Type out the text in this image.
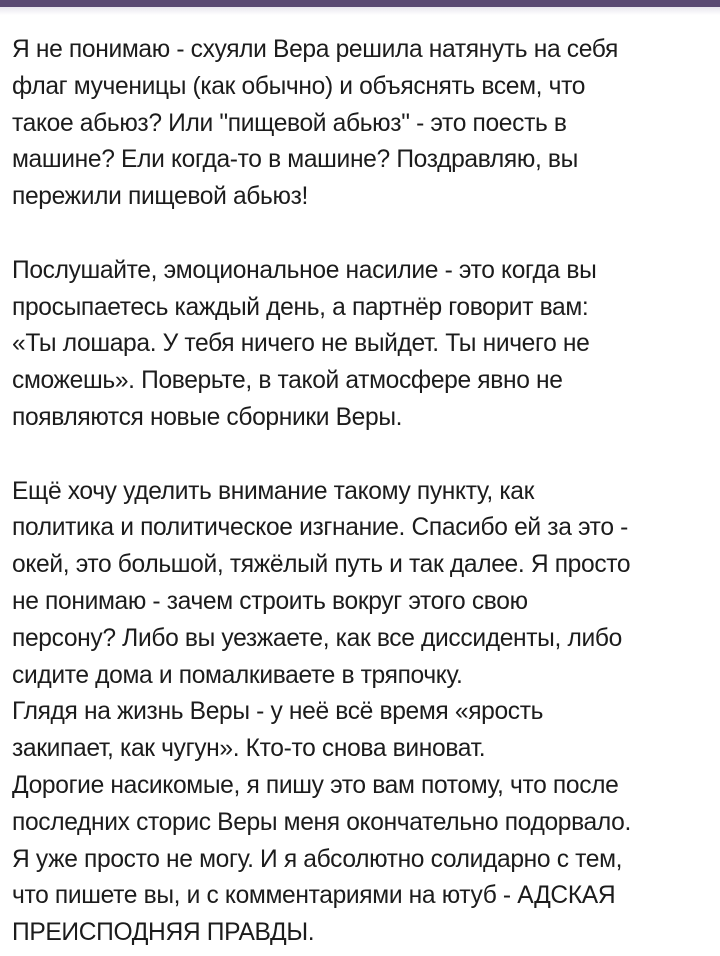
Я не понимаю - схуяли Вера решила натянуть на себя
флаг мученицы (как обычно) и объяснять всем, что
такое абьюз? Или "пищевой абьюз" - это поесть в
машине? Ели когда-то в машине? Поздравляю, вы
пережили пищевой абьюз!
Послушайте, эмоциональное насилие - это когда вы
просыпаетесь каждый день, а партнёр говорит вам:
«Ты лошара. У тебя ничего не выйдет. Ты ничего не
сможешь». Поверьте, в такой атмосфере явно не
появляются новые сборники Веры.
Ещё хочу уделить внимание такому пункту, как
политика и политическое изгнание. Спасибо ей за это -
окей, это большой, тяжёлый путь и так далее. Я просто
не понимаю - зачем строить вокруг этого свою
персону? Либо вы уезжаете, как все диссиденты, либо
сидите дома и помалкиваете в тряпочку.
Глядя на жизнь Веры - у неё всё время «ярость
закипает, как чугун». Кто-то снова виноват.
Дорогие насикомые, я пишу это вам потому, что после
последних сторис Веры меня окончательно подорвало.
Я уже просто не могу. И я абсолютно солидарно с тем,
что пишете вы, и с комментариями на ютуб - АДСКАЯ
ПРЕИСПОДНЯЯ ПРАВДЫ.
